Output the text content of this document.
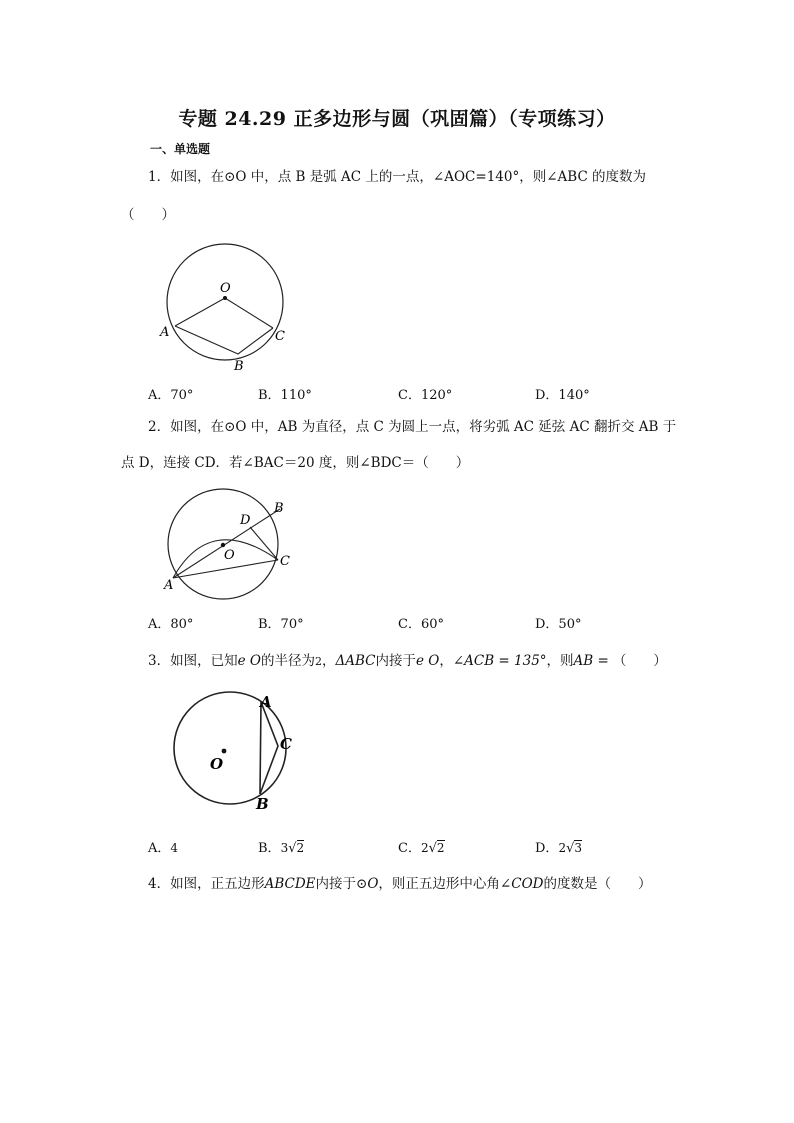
专题 24.29 正多边形与圆（巩固篇）（专项练习）
一、单选题
1．如图，在⊙O 中，点 B 是弧 AC 上的一点，∠AOC=140°，则∠ABC 的度数为
（　　）
O
A
B
C
A．70°	B．110°	C．120°	D．140°
2．如图，在⊙O 中，AB 为直径，点 C 为圆上一点，将劣弧 AC 延弦 AC 翻折交 AB 于
点 D，连接 CD．若∠BAC＝20 度，则∠BDC＝（　　）
O
D
B
C
A
A．80°	B．70°	C．60°	D．50°
3．如图，已知e O的半径为2，ΔABC内接于e O，∠ACB = 135°，则AB = （　　）
O
A
C
B
A．4	B．3√2	C．2√2	D．2√3
4．如图，正五边形ABCDE内接于⊙O，则正五边形中心角∠COD的度数是（　　）
